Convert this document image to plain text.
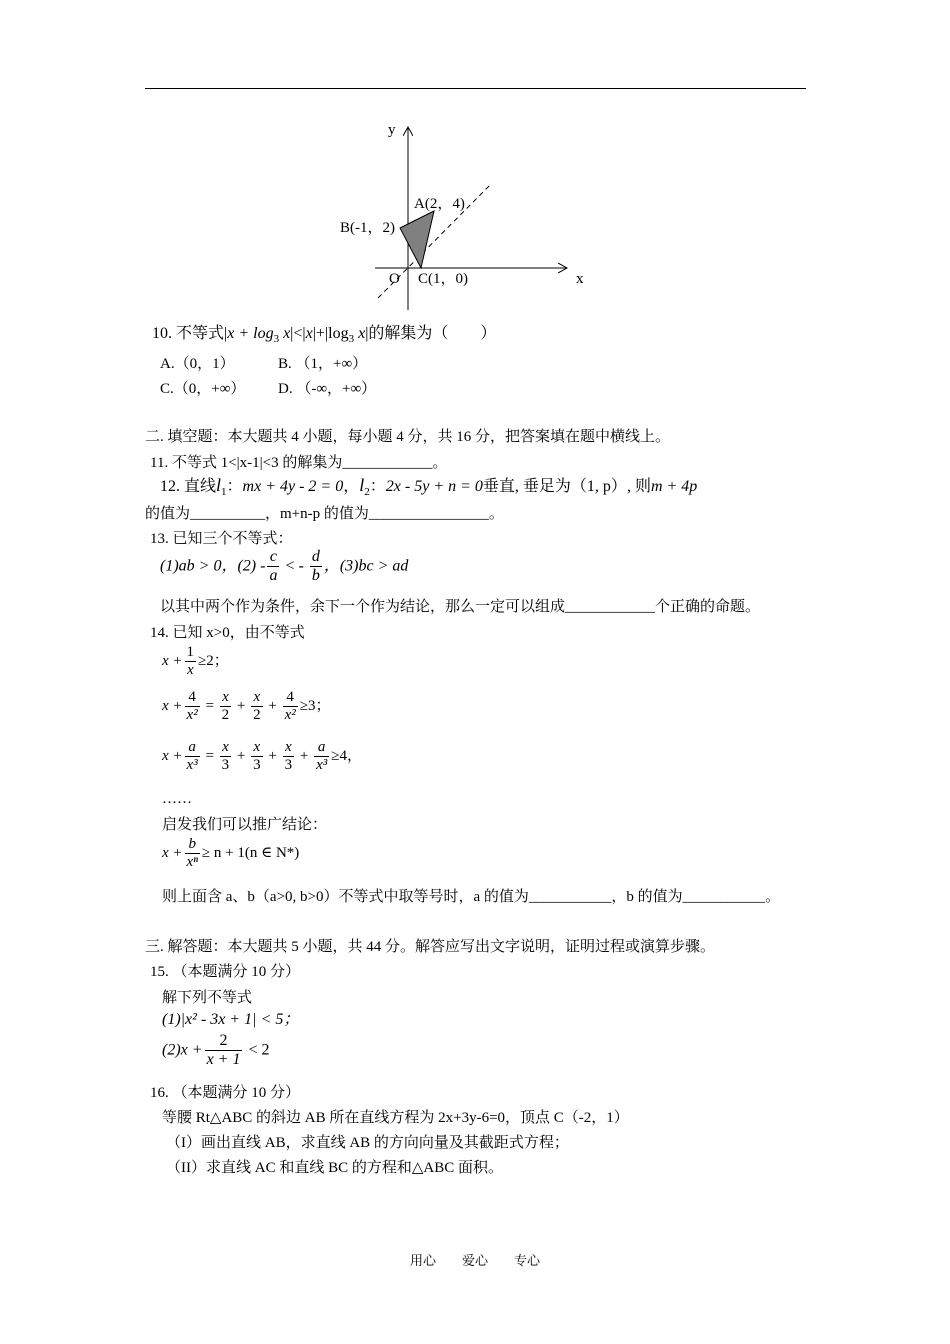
y
x
O
A(2，4)
B(-1，2)
C(1，0)
10. 不等式$|x + \log_3 x|<|x|+|\log_3$ x|的解集为（　　）
A.（0，1）	B. （1，+∞）
C.（0，+∞） D. （-∞，+∞）
二. 填空题：本大题共 4 小题，每小题 4 分，共 16 分，把答案填在题中横线上。
11. 不等式 1<|x-1|<3 的解集为____________。
12. 直线$l_1$：mx + 4y - 2 = 0，$l_2$：2x - 5y + n = 0垂直, 垂足为（1, p）, 则m + 4p
的值为__________，m+n-p 的值为________________。
13. 已知三个不等式：
(1)ab > 0，$(2) - \frac{c}{a}$ < - $\frac{d}{b}$ ，(3)bc > ad
以其中两个作为条件，余下一个作为结论，那么一定可以组成____________个正确的命题。
14. 已知 x>0，由不等式
$x + \frac{1}{x} \ge 2$；
$x + \frac{4}{\text{x²}} = \frac{x}{2} + \frac{x}{2} + \frac{4}{\text{x²}} \ge 3$；
$x + \frac{a}{\text{x³}} = \frac{x}{3} + \frac{x}{3} + \frac{x}{3} + \frac{a}{\text{x³}} \ge 4$，
……
启发我们可以推广结论：
$x + \frac{b}{\text{xⁿ}} \ge n + 1(n$ ∈ N*)
则上面含 a、b（a>0, b>0）不等式中取等号时，a 的值为___________，b 的值为___________。
三. 解答题：本大题共 5 小题，共 44 分。解答应写出文字说明，证明过程或演算步骤。
15. （本题满分 10 分）
解下列不等式
(1)|x² - 3x + 1| < 5；
$(2)x + \frac{2}{x + 1} < 2$
16. （本题满分 10 分）
等腰 Rt△ABC 的斜边 AB 所在直线方程为 2x+3y-6=0，顶点 C（-2，1）
（I）画出直线 AB，求直线 AB 的方向向量及其截距式方程；
（II）求直线 AC 和直线 BC 的方程和△ABC 面积。
用心　　爱心　　专心
